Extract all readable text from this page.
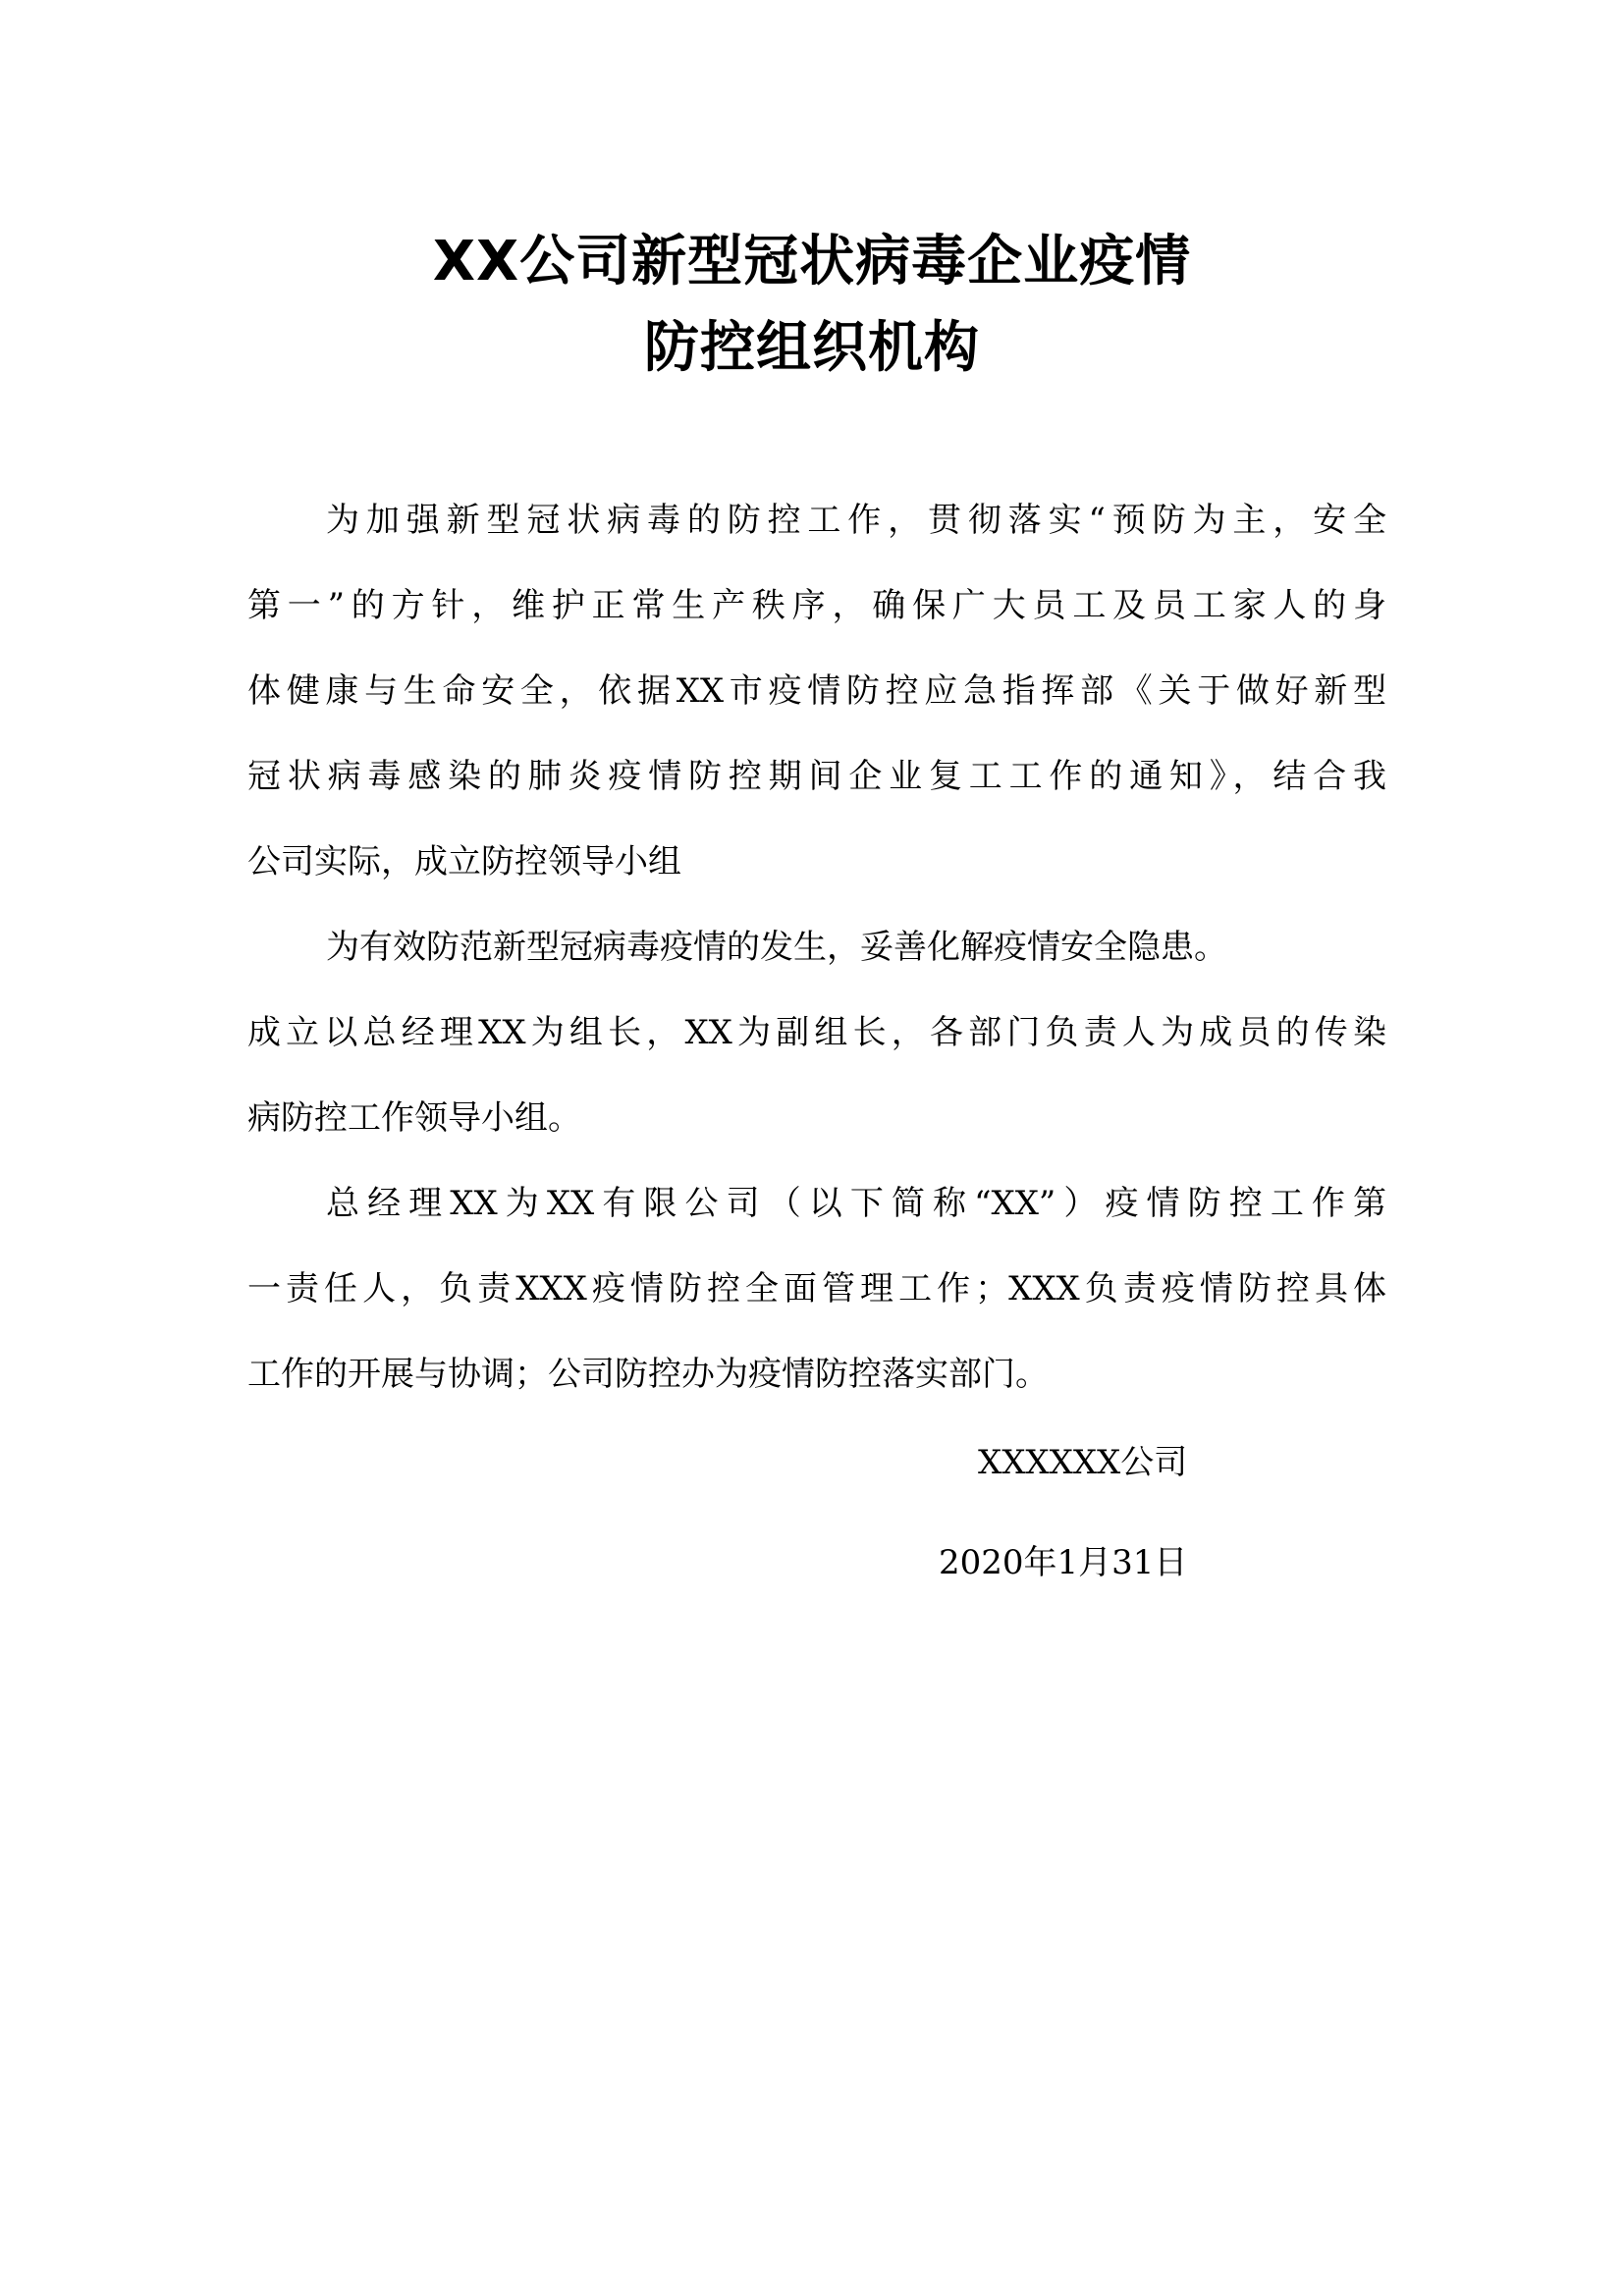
XX公司新型冠状病毒企业疫情
防控组织机构
为加强新型冠状病毒的防控工作，贯彻落实“预防为主，安全
第一”的方针，维护正常生产秩序，确保广大员工及员工家人的身
体健康与生命安全，依据XX市疫情防控应急指挥部《关于做好新型
冠状病毒感染的肺炎疫情防控期间企业复工工作的通知》，结合我
公司实际，成立防控领导小组
为有效防范新型冠病毒疫情的发生，妥善化解疫情安全隐患。
成立以总经理XX为组长，XX为副组长，各部门负责人为成员的传染
病防控工作领导小组。
总经理XX为XX有限公司（以下简称“XX”）疫情防控工作第
一责任人，负责XXX疫情防控全面管理工作；XXX负责疫情防控具体
工作的开展与协调；公司防控办为疫情防控落实部门。
XXXXXX公司
2020年1月31日
